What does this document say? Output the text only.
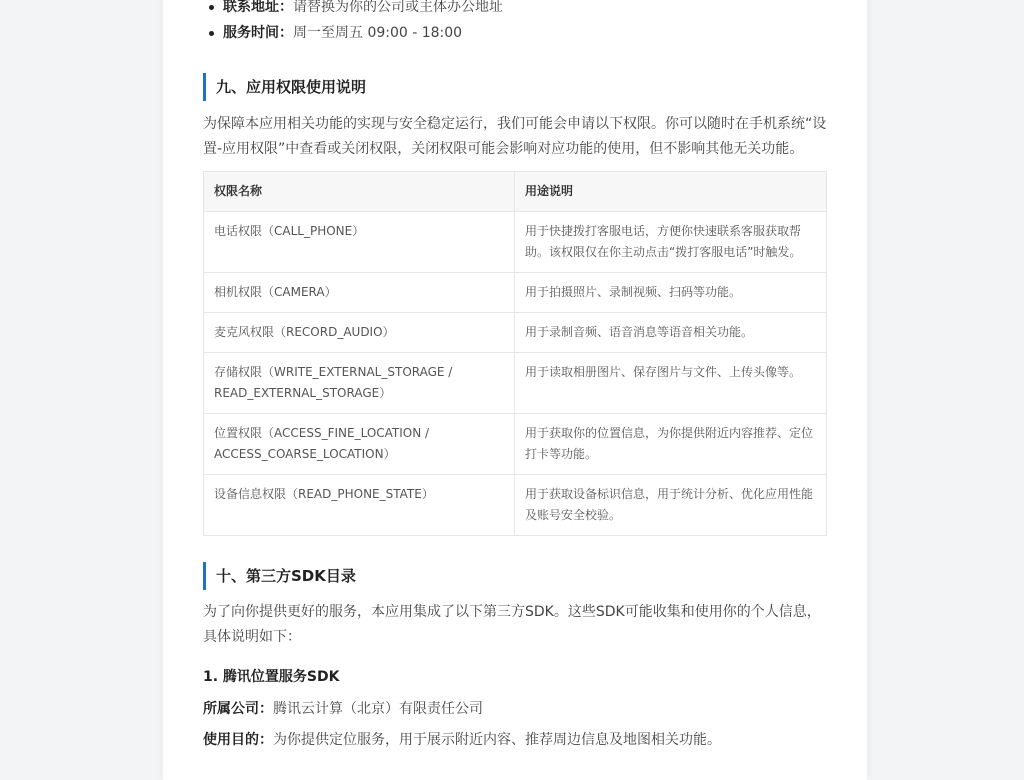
联系地址：请替换为你的公司或主体办公地址
服务时间：周一至周五 09:00 - 18:00
九、应用权限使用说明
为保障本应用相关功能的实现与安全稳定运行，我们可能会申请以下权限。你可以随时在手机系统“设置-应用权限”中查看或关闭权限，关闭权限可能会影响对应功能的使用，但不影响其他无关功能。
权限名称	用途说明
电话权限（CALL_PHONE）	用于快捷拨打客服电话，方便你快速联系客服获取帮助。该权限仅在你主动点击“拨打客服电话”时触发。
相机权限（CAMERA）	用于拍摄照片、录制视频、扫码等功能。
麦克风权限（RECORD_AUDIO）	用于录制音频、语音消息等语音相关功能。
存储权限（WRITE_EXTERNAL_STORAGE / READ_EXTERNAL_STORAGE）	用于读取相册图片、保存图片与文件、上传头像等。
位置权限（ACCESS_FINE_LOCATION / ACCESS_COARSE_LOCATION）	用于获取你的位置信息，为你提供附近内容推荐、定位打卡等功能。
设备信息权限（READ_PHONE_STATE）	用于获取设备标识信息，用于统计分析、优化应用性能及账号安全校验。
十、第三方SDK目录
为了向你提供更好的服务，本应用集成了以下第三方SDK。这些SDK可能收集和使用你的个人信息，具体说明如下：
1. 腾讯位置服务SDK
所属公司：腾讯云计算（北京）有限责任公司
使用目的：为你提供定位服务，用于展示附近内容、推荐周边信息及地图相关功能。
